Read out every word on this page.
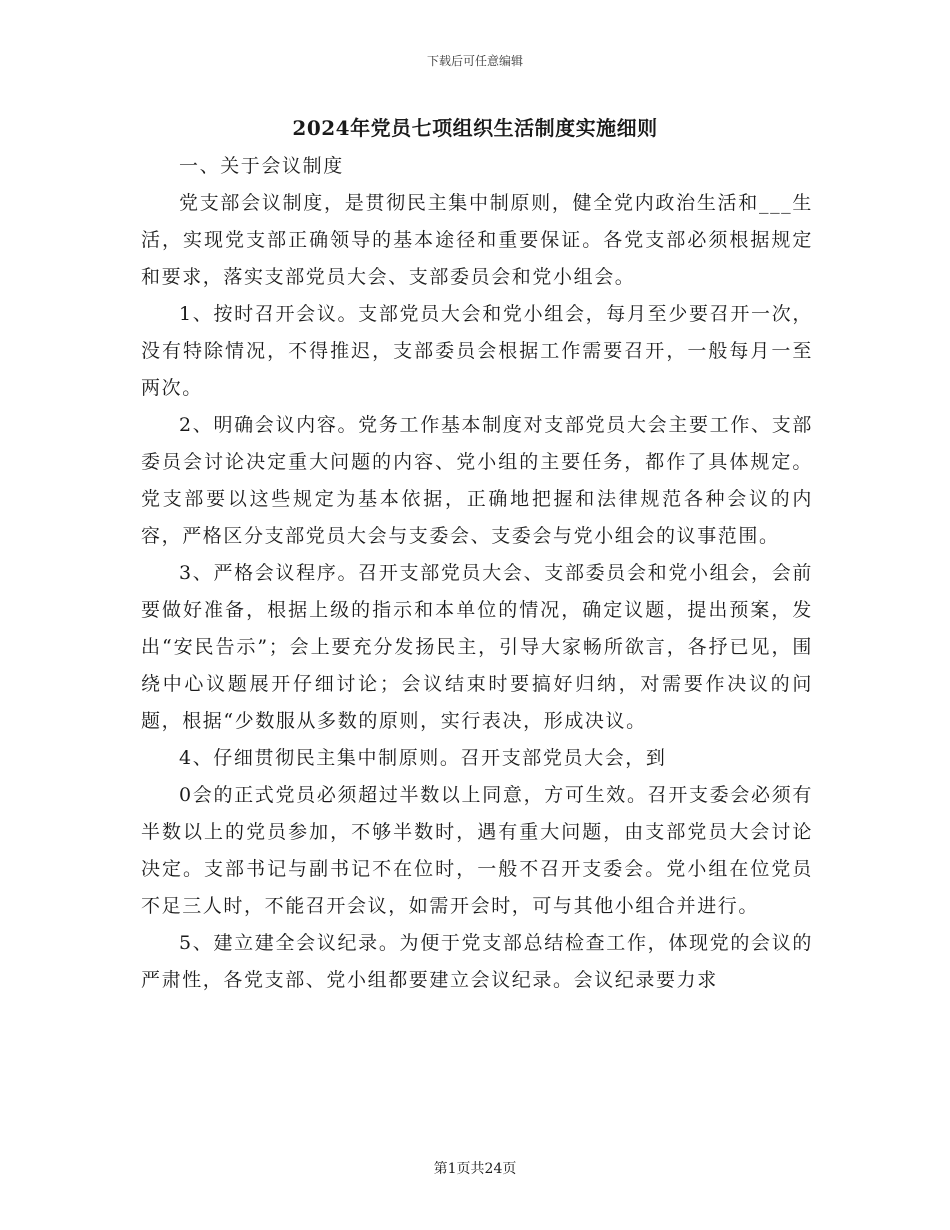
下载后可任意编辑
2024年党员七项组织生活制度实施细则

一、关于会议制度

党支部会议制度，是贯彻民主集中制原则，健全党内政治生活和___生活，实现党支部正确领导的基本途径和重要保证。各党支部必须根据规定和要求，落实支部党员大会、支部委员会和党小组会。

1、按时召开会议。支部党员大会和党小组会，每月至少要召开一次，没有特除情况，不得推迟，支部委员会根据工作需要召开，一般每月一至两次。

2、明确会议内容。党务工作基本制度对支部党员大会主要工作、支部委员会讨论决定重大问题的内容、党小组的主要任务，都作了具体规定。党支部要以这些规定为基本依据，正确地把握和法律规范各种会议的内容，严格区分支部党员大会与支委会、支委会与党小组会的议事范围。

3、严格会议程序。召开支部党员大会、支部委员会和党小组会，会前要做好准备，根据上级的指示和本单位的情况，确定议题，提出预案，发出“安民告示”；会上要充分发扬民主，引导大家畅所欲言，各抒已见，围绕中心议题展开仔细讨论；会议结束时要搞好归纳，对需要作决议的问题，根据“少数服从多数的原则，实行表决，形成决议。

4、仔细贯彻民主集中制原则。召开支部党员大会，到

0会的正式党员必须超过半数以上同意，方可生效。召开支委会必须有半数以上的党员参加，不够半数时，遇有重大问题，由支部党员大会讨论决定。支部书记与副书记不在位时，一般不召开支委会。党小组在位党员不足三人时，不能召开会议，如需开会时，可与其他小组合并进行。

5、建立建全会议纪录。为便于党支部总结检查工作，体现党的会议的严肃性，各党支部、党小组都要建立会议纪录。会议纪录要力求

第1页共24页
